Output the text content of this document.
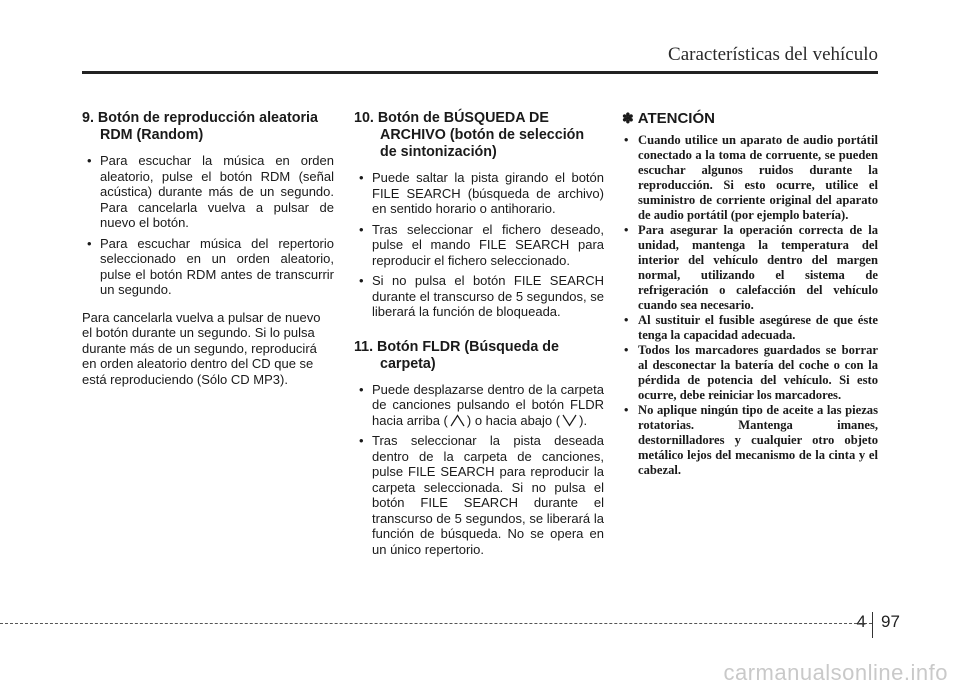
Características del vehículo
9. Botón de reproducción aleatoria RDM (Random)
• Para escuchar la música en orden aleatorio, pulse el botón RDM (señal acústica) durante más de un segundo. Para cancelarla vuelva a pulsar de nuevo el botón.
• Para escuchar música del repertorio seleccionado en un orden aleatorio, pulse el botón RDM antes de transcurrir un segundo.

Para cancelarla vuelva a pulsar de nuevo el botón durante un segundo. Si lo pulsa durante más de un segundo, reproducirá en orden aleatorio dentro del CD que se está reproduciendo (Sólo CD MP3).

10. Botón de BÚSQUEDA DE ARCHIVO (botón de selección de sintonización)
• Puede saltar la pista girando el botón FILE SEARCH (búsqueda de archivo) en sentido horario o antihorario.
• Tras seleccionar el fichero deseado, pulse el mando FILE SEARCH para reproducir el fichero seleccionado.
• Si no pulsa el botón FILE SEARCH durante el transcurso de 5 segundos, se liberará la función de bloqueada.
11. Botón FLDR (Búsqueda de carpeta)
• Puede desplazarse dentro de la carpeta de canciones pulsando el botón FLDR hacia arriba ( ) o hacia abajo ( ).
• Tras seleccionar la pista deseada dentro de la carpeta de canciones, pulse FILE SEARCH para reproducir la carpeta seleccionada. Si no pulsa el botón FILE SEARCH durante el transcurso de 5 segundos, se liberará la función de búsqueda. No se opera en un único repertorio.
✽ ATENCIÓN
• Cuando utilice un aparato de audio portátil conectado a la toma de corruente, se pueden escuchar algunos ruidos durante la reproducción. Si esto ocurre, utilice el suministro de corriente original del aparato de audio portátil (por ejemplo batería).
• Para asegurar la operación correcta de la unidad, mantenga la temperatura del interior del vehículo dentro del margen normal, utilizando el sistema de refrigeración o calefacción del vehículo cuando sea necesario.
• Al sustituir el fusible asegúrese de que éste tenga la capacidad adecuada.
• Todos los marcadores guardados se borrar al desconectar la batería del coche o con la pérdida de potencia del vehículo. Si esto ocurre, debe reiniciar los marcadores.
• No aplique ningún tipo de aceite a las piezas rotatorias. Mantenga imanes, destornilladores y cualquier otro objeto metálico lejos del mecanismo de la cinta y el cabezal.
4 97
carmanualsonline.info
